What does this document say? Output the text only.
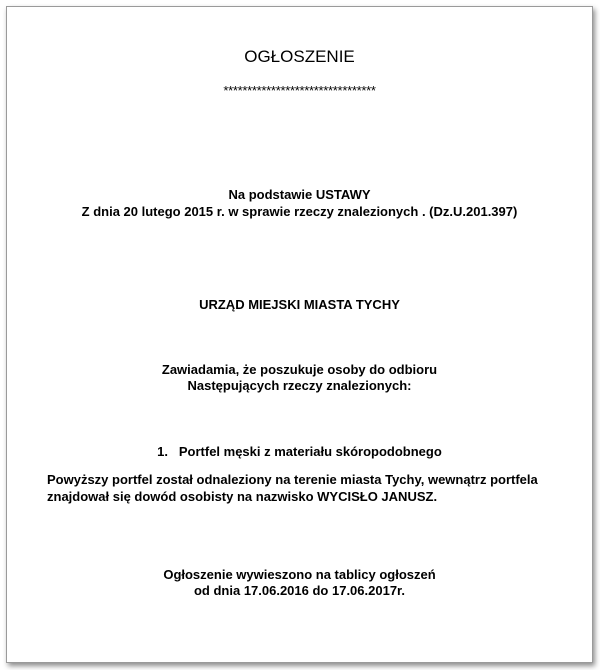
OGŁOSZENIE
********************************
Na podstawie USTAWY
Z dnia 20 lutego 2015 r. w sprawie rzeczy znalezionych . (Dz.U.201.397)
URZĄD MIEJSKI MIASTA TYCHY
Zawiadamia, że poszukuje osoby do odbioru
Następujących rzeczy znalezionych:
1. Portfel męski z materiału skóropodobnego
Powyższy portfel został odnaleziony na terenie miasta Tychy, wewnątrz portfela
znajdował się dowód osobisty na nazwisko WYCISŁO JANUSZ.
Ogłoszenie wywieszono na tablicy ogłoszeń
od dnia 17.06.2016 do 17.06.2017r.
